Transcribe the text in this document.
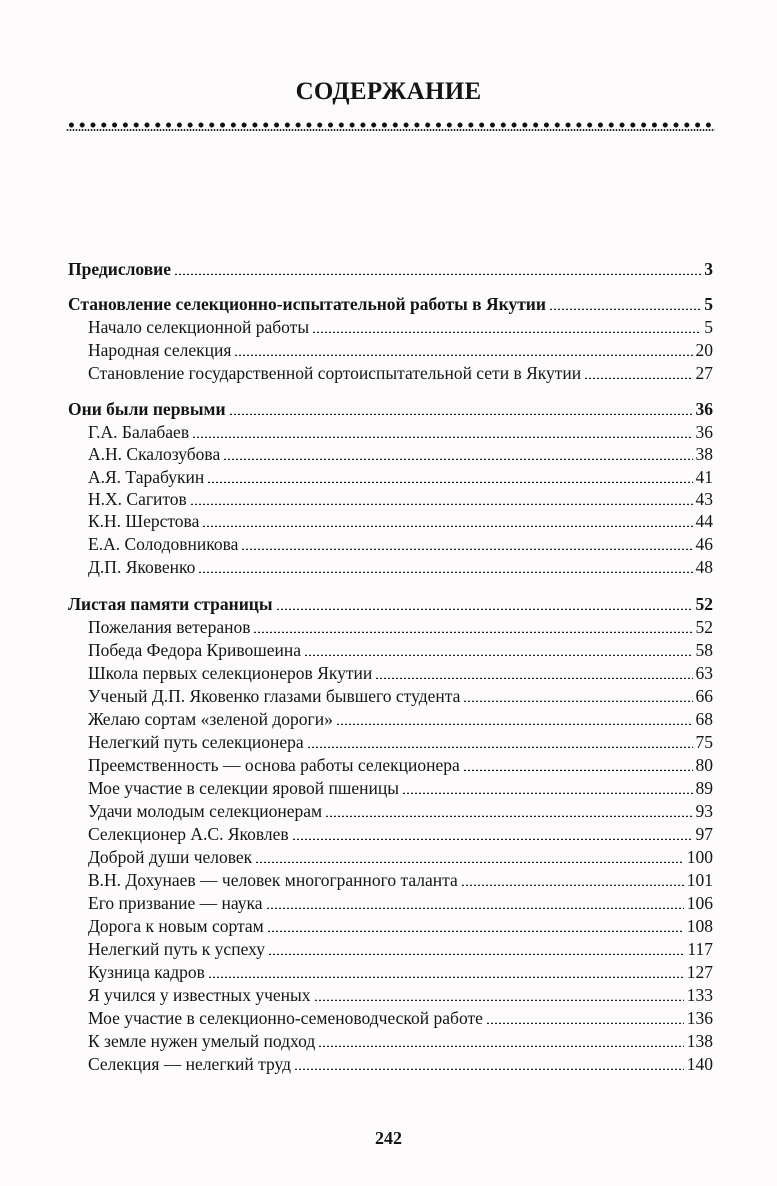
СОДЕРЖАНИЕ
Предисловие	3
Становление селекционно-испытательной работы в Якутии	5
Начало селекционной работы	5
Народная селекция	20
Становление государственной сортоиспытательной сети в Якутии	27
Они были первыми	36
Г.А. Балабаев	36
А.Н. Скалозубова	38
А.Я. Тарабукин	41
Н.Х. Сагитов	43
К.Н. Шерстова	44
Е.А. Солодовникова	46
Д.П. Яковенко	48
Листая памяти страницы	52
Пожелания ветеранов	52
Победа Федора Кривошеина	58
Школа первых селекционеров Якутии	63
Ученый Д.П. Яковенко глазами бывшего студента	66
Желаю сортам «зеленой дороги»	68
Нелегкий путь селекционера	75
Преемственность — основа работы селекционера	80
Мое участие в селекции яровой пшеницы	89
Удачи молодым селекционерам	93
Селекционер А.С. Яковлев	97
Доброй души человек	100
В.Н. Дохунаев — человек многогранного таланта	101
Его призвание — наука	106
Дорога к новым сортам	108
Нелегкий путь к успеху	117
Кузница кадров	127
Я учился у известных ученых	133
Мое участие в селекционно-семеноводческой работе	136
К земле нужен умелый подход	138
Селекция — нелегкий труд	140
242
